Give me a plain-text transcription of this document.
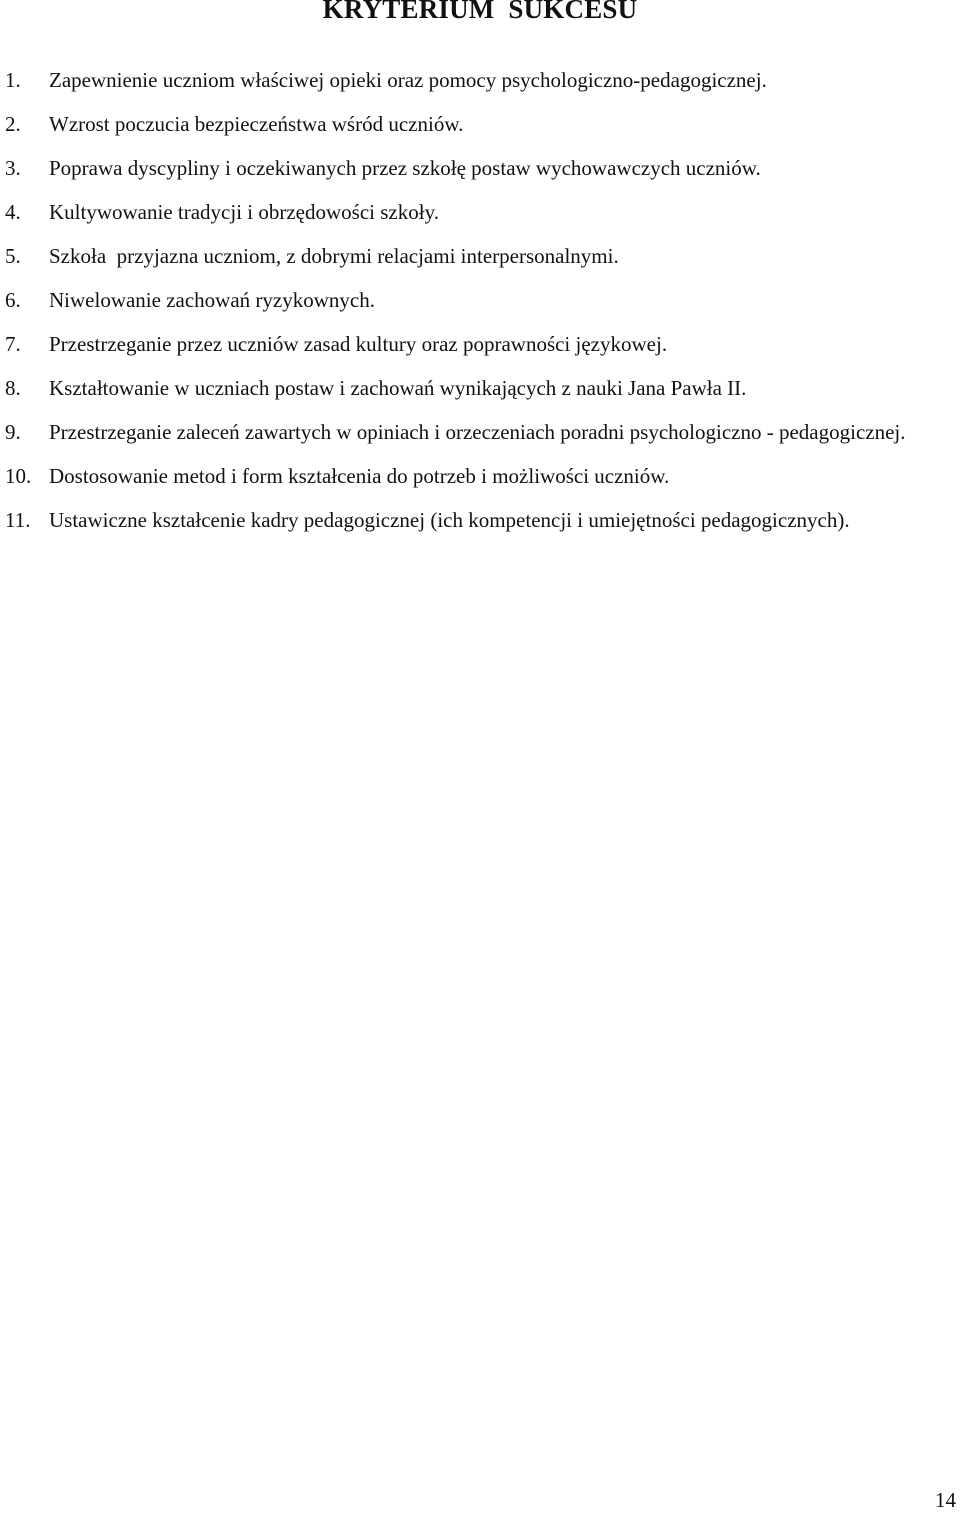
KRYTERIUM  SUKCESU
1.	Zapewnienie uczniom właściwej opieki oraz pomocy psychologiczno-pedagogicznej.
2.	Wzrost poczucia bezpieczeństwa wśród uczniów.
3.	Poprawa dyscypliny i oczekiwanych przez szkołę postaw wychowawczych uczniów.
4.	Kultywowanie tradycji i obrzędowości szkoły.
5.	Szkoła  przyjazna uczniom, z dobrymi relacjami interpersonalnymi.
6.	Niwelowanie zachowań ryzykownych.
7.	Przestrzeganie przez uczniów zasad kultury oraz poprawności językowej.
8.	Kształtowanie w uczniach postaw i zachowań wynikających z nauki Jana Pawła II.
9.	Przestrzeganie zaleceń zawartych w opiniach i orzeczeniach poradni psychologiczno - pedagogicznej.
10. Dostosowanie metod i form kształcenia do potrzeb i możliwości uczniów.
11. Ustawiczne kształcenie kadry pedagogicznej (ich kompetencji i umiejętności pedagogicznych).
14
